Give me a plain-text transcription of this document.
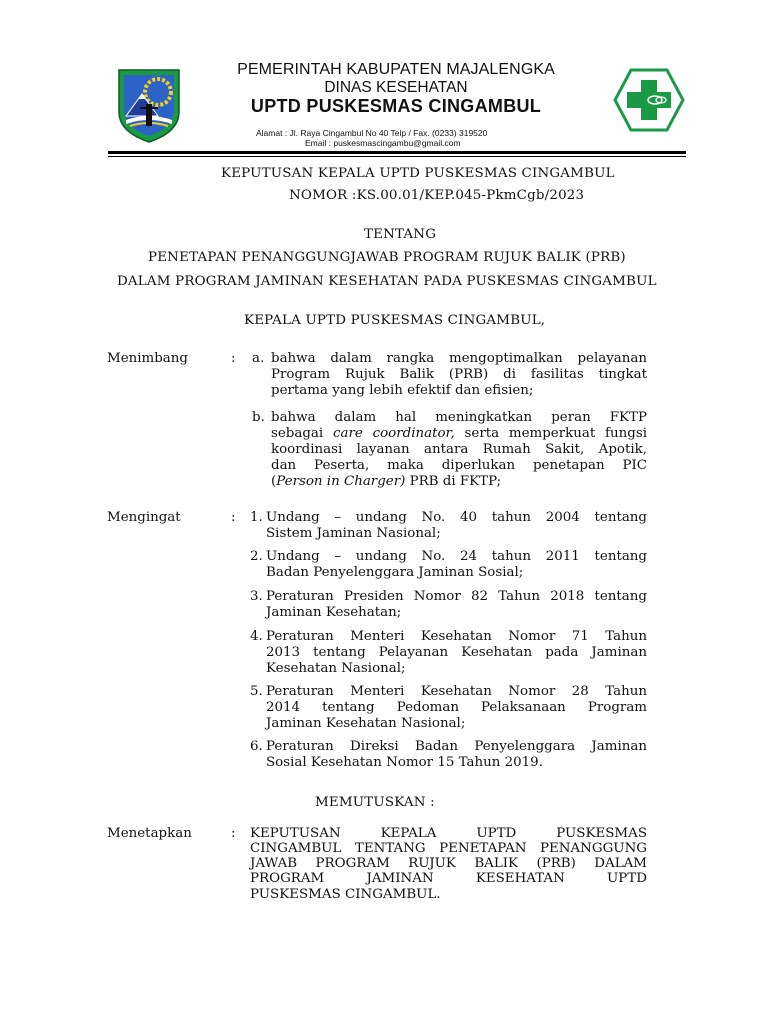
PEMERINTAH KABUPATEN MAJALENGKA
DINAS KESEHATAN
UPTD PUSKESMAS CINGAMBUL
Alamat : Jl. Raya Cingambul No 40 Telp / Fax. (0233) 319520
Email : puskesmascingambu@gmail.com
KEPUTUSAN KEPALA UPTD PUSKESMAS CINGAMBUL
NOMOR :KS.00.01/KEP.045-PkmCgb/2023
TENTANG
PENETAPAN PENANGGUNGJAWAB PROGRAM RUJUK BALIK (PRB)
DALAM PROGRAM JAMINAN KESEHATAN PADA PUSKESMAS CINGAMBUL
KEPALA UPTD PUSKESMAS CINGAMBUL,
Menimbang	: a. bahwa dalam rangka mengoptimalkan pelayanan
Program Rujuk Balik (PRB) di fasilitas tingkat
pertama yang lebih efektif dan efisien;
b. bahwa dalam hal meningkatkan peran FKTP
sebagai care coordinator, serta memperkuat fungsi
koordinasi layanan antara Rumah Sakit, Apotik,
dan Peserta, maka diperlukan penetapan PIC
(Person in Charger) PRB di FKTP;
Mengingat	: 1. Undang – undang No. 40 tahun 2004 tentang
Sistem Jaminan Nasional;
2. Undang – undang No. 24 tahun 2011 tentang
Badan Penyelenggara Jaminan Sosial;
3. Peraturan Presiden Nomor 82 Tahun 2018 tentang
Jaminan Kesehatan;
4. Peraturan Menteri Kesehatan Nomor 71 Tahun
2013 tentang Pelayanan Kesehatan pada Jaminan
Kesehatan Nasional;
5. Peraturan Menteri Kesehatan Nomor 28 Tahun
2014 tentang Pedoman Pelaksanaan Program
Jaminan Kesehatan Nasional;
6. Peraturan Direksi Badan Penyelenggara Jaminan
Sosial Kesehatan Nomor 15 Tahun 2019.
MEMUTUSKAN :
Menetapkan	: KEPUTUSAN KEPALA UPTD PUSKESMAS
CINGAMBUL TENTANG PENETAPAN PENANGGUNG
JAWAB PROGRAM RUJUK BALIK (PRB) DALAM
PROGRAM JAMINAN KESEHATAN UPTD
PUSKESMAS CINGAMBUL.
